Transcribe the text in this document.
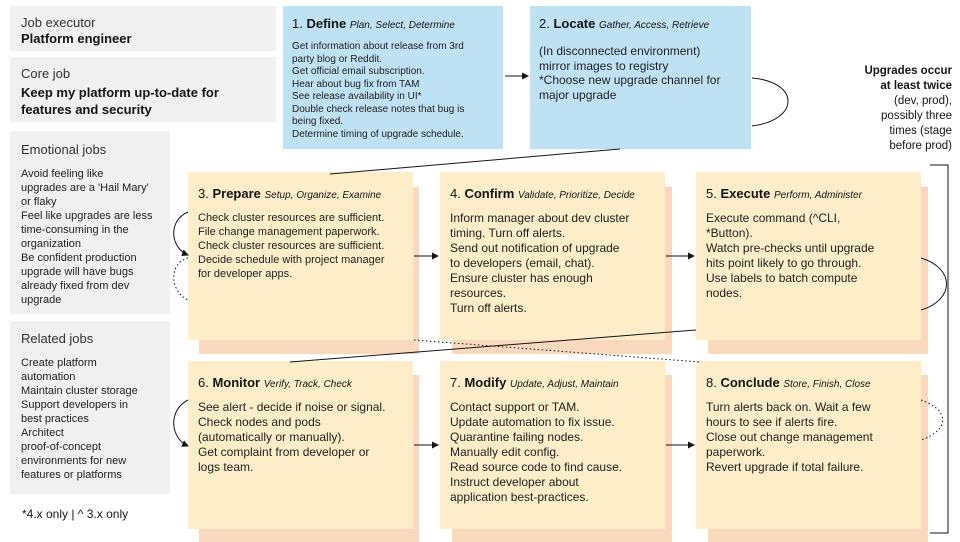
Job executor
Platform engineer
Core job
Keep my platform up-to-date for
features and security
Emotional jobs
Avoid feeling like
upgrades are a 'Hail Mary'
or flaky
Feel like upgrades are less
time-consuming in the
organization
Be confident production
upgrade will have bugs
already fixed from dev
upgrade
Related jobs
Create platform
automation
Maintain cluster storage
Support developers in
best practices
Architect
proof-of-concept
environments for new
features or platforms
*4.x only | ^ 3.x only
1. Define Plan, Select, Determine
Get information about release from 3rd
party blog or Reddit.
Get official email subscription.
Hear about bug fix from TAM
See release availability in UI*
Double check release notes that bug is
being fixed.
Determine timing of upgrade schedule.
2. Locate Gather, Access, Retrieve
(In disconnected environment)
mirror images to registry
*Choose new upgrade channel for
major upgrade
3. Prepare Setup, Organize, Examine
Check cluster resources are sufficient.
File change management paperwork.
Check cluster resources are sufficient.
Decide schedule with project manager
for developer apps.
4. Confirm Validate, Prioritize, Decide
Inform manager about dev cluster
timing. Turn off alerts.
Send out notification of upgrade
to developers (email, chat).
Ensure cluster has enough
resources.
Turn off alerts.
5. Execute Perform, Administer
Execute command (^CLI,
*Button).
Watch pre-checks until upgrade
hits point likely to go through.
Use labels to batch compute
nodes.
6. Monitor Verify, Track, Check
See alert - decide if noise or signal.
Check nodes and pods
(automatically or manually).
Get complaint from developer or
logs team.
7. Modify Update, Adjust, Maintain
Contact support or TAM.
Update automation to fix issue.
Quarantine failing nodes.
Manually edit config.
Read source code to find cause.
Instruct developer about
application best-practices.
8. Conclude Store, Finish, Close
Turn alerts back on. Wait a few
hours to see if alerts fire.
Close out change management
paperwork.
Revert upgrade if total failure.
Upgrades occur
at least twice
(dev, prod),
possibly three
times (stage
before prod)
